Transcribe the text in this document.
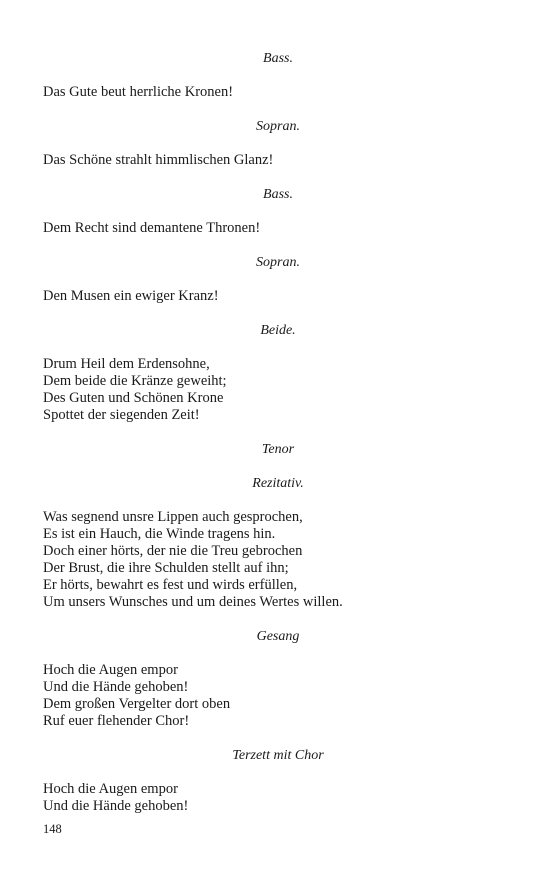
Bass.

Das Gute beut herrliche Kronen!

Sopran.

Das Schöne strahlt himmlischen Glanz!

Bass.

Dem Recht sind demantene Thronen!

Sopran.

Den Musen ein ewiger Kranz!

Beide.

Drum Heil dem Erdensohne,

Dem beide die Kränze geweiht;

Des Guten und Schönen Krone

Spottet der siegenden Zeit!

Tenor

Rezitativ.

Was segnend unsre Lippen auch gesprochen,

Es ist ein Hauch, die Winde tragens hin.

Doch einer hörts, der nie die Treu gebrochen

Der Brust, die ihre Schulden stellt auf ihn;

Er hörts, bewahrt es fest und wirds erfüllen,

Um unsers Wunsches und um deines Wertes willen.

Gesang

Hoch die Augen empor

Und die Hände gehoben!

Dem großen Vergelter dort oben

Ruf euer flehender Chor!

Terzett mit Chor

Hoch die Augen empor

Und die Hände gehoben!

148
